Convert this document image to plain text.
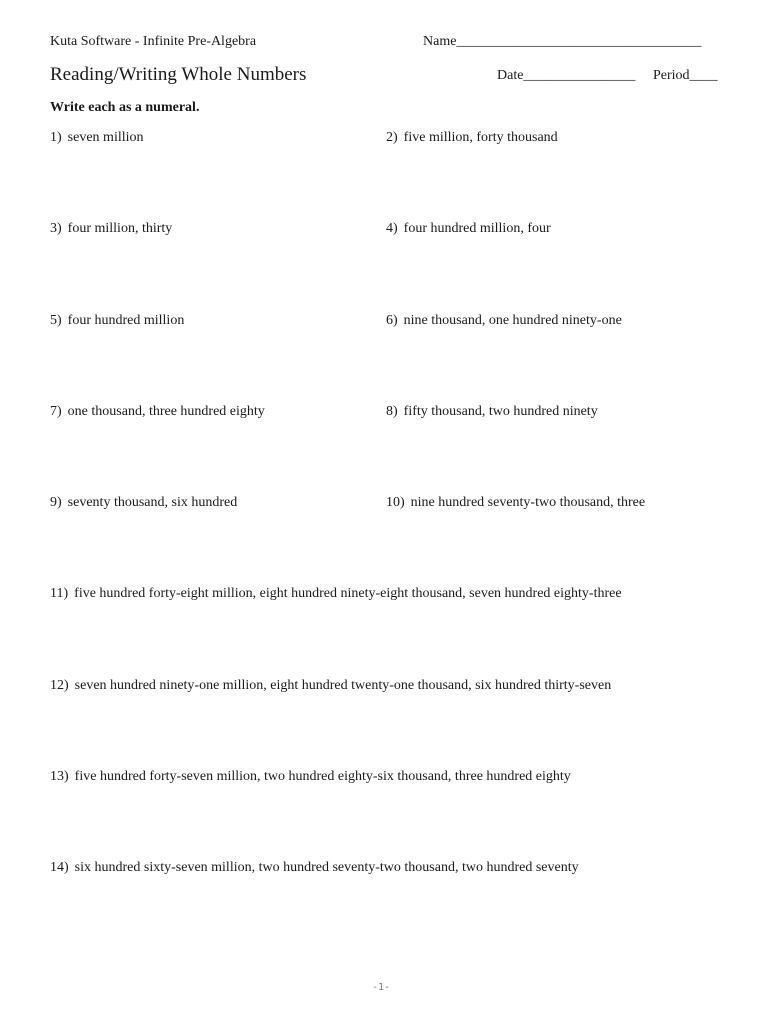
Kuta Software - Infinite Pre-Algebra	Name___________________________________
Reading/Writing Whole Numbers	Date________________ Period____
Write each as a numeral.
1) seven million	2) five million, forty thousand
3) four million, thirty	4) four hundred million, four
5) four hundred million	6) nine thousand, one hundred ninety-one
7) one thousand, three hundred eighty	8) fifty thousand, two hundred ninety
9) seventy thousand, six hundred	10) nine hundred seventy-two thousand, three
11) five hundred forty-eight million, eight hundred ninety-eight thousand, seven hundred eighty-three
12) seven hundred ninety-one million, eight hundred twenty-one thousand, six hundred thirty-seven
13) five hundred forty-seven million, two hundred eighty-six thousand, three hundred eighty
14) six hundred sixty-seven million, two hundred seventy-two thousand, two hundred seventy
-1-
